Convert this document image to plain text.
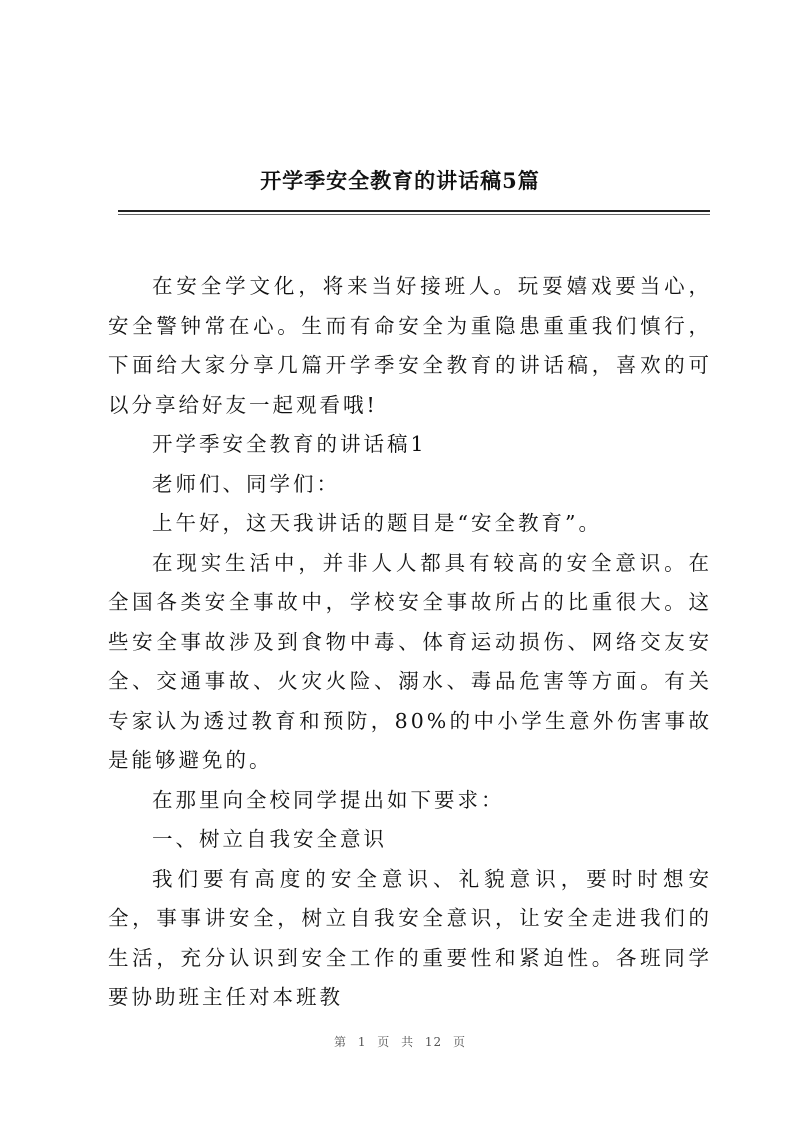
开学季安全教育的讲话稿5篇

在安全学文化，将来当好接班人。玩耍嬉戏要当心，安全警钟常在心。生而有命安全为重隐患重重我们慎行，下面给大家分享几篇开学季安全教育的讲话稿，喜欢的可以分享给好友一起观看哦!

开学季安全教育的讲话稿1

老师们、同学们：

上午好，这天我讲话的题目是“安全教育”。

在现实生活中，并非人人都具有较高的安全意识。在全国各类安全事故中，学校安全事故所占的比重很大。这些安全事故涉及到食物中毒、体育运动损伤、网络交友安全、交通事故、火灾火险、溺水、毒品危害等方面。有关专家认为透过教育和预防，80%的中小学生意外伤害事故是能够避免的。

在那里向全校同学提出如下要求：

一、树立自我安全意识

我们要有高度的安全意识、礼貌意识，要时时想安全，事事讲安全，树立自我安全意识，让安全走进我们的生活，充分认识到安全工作的重要性和紧迫性。各班同学要协助班主任对本班教

第 1 页 共 12 页
